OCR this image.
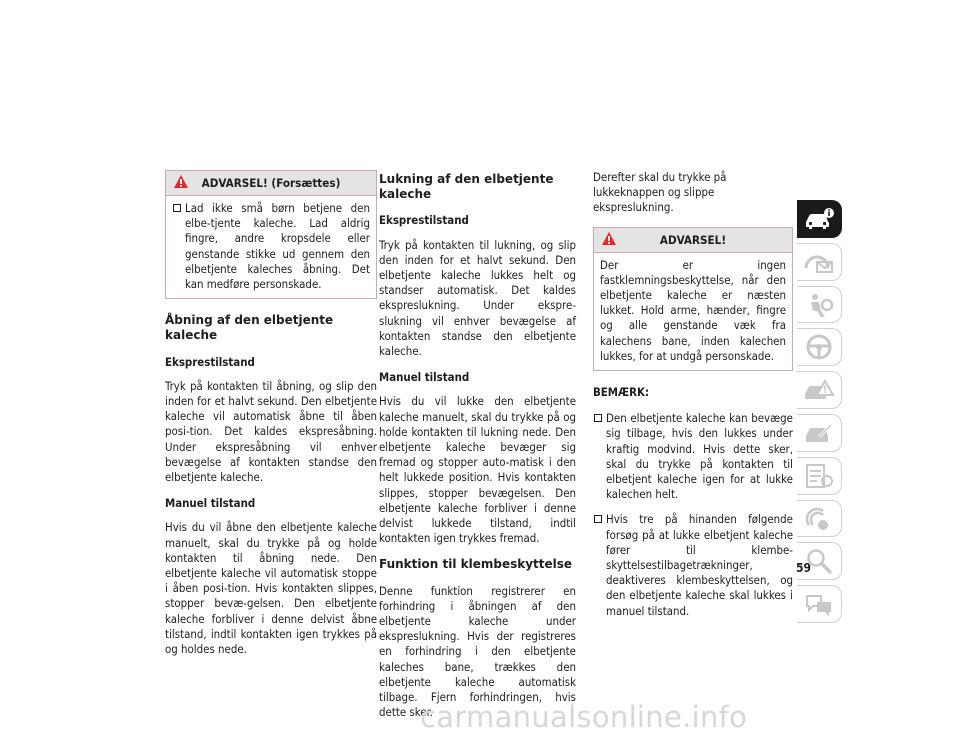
ADVARSEL! (Forsættes)
Lad ikke små børn betjene den elbe-tjente kaleche. Lad aldrig fingre, andre kropsdele eller genstande stikke ud gennem den elbetjente kaleches åbning. Det kan medføre personskade.
Åbning af den elbetjente kaleche
Eksprestilstand

Tryk på kontakten til åbning, og slip den inden for et halvt sekund. Den elbetjente kaleche vil automatisk åbne til åben posi-tion. Det kaldes ekspresåbning. Under ekspresåbning vil enhver bevægelse af kontakten standse den elbetjente kaleche.

Manuel tilstand

Hvis du vil åbne den elbetjente kaleche manuelt, skal du trykke på og holde kontakten til åbning nede. Den elbetjente kaleche vil automatisk stoppe i åben posi-tion. Hvis kontakten slippes, stopper bevæ-gelsen. Den elbetjente kaleche forbliver i denne delvist åbne tilstand, indtil kontakten igen trykkes på og holdes nede.

Lukning af den elbetjente kaleche
Eksprestilstand

Tryk på kontakten til lukning, og slip den inden for et halvt sekund. Den elbetjente kaleche lukkes helt og standser automatisk. Det kaldes ekspreslukning. Under ekspre-slukning vil enhver bevægelse af kontakten standse den elbetjente kaleche.

Manuel tilstand

Hvis du vil lukke den elbetjente kaleche manuelt, skal du trykke på og holde kontakten til lukning nede. Den elbetjente kaleche bevæger sig fremad og stopper auto-matisk i den helt lukkede position. Hvis kontakten slippes, stopper bevægelsen. Den elbetjente kaleche forbliver i denne delvist lukkede tilstand, indtil kontakten igen trykkes fremad.

Funktion til klembeskyttelse

Denne funktion registrerer en forhindring i åbningen af den elbetjente kaleche under ekspreslukning. Hvis der registreres en forhindring i den elbetjente kaleches bane, trækkes den elbetjente kaleche automatisk tilbage. Fjern forhindringen, hvis dette sker.

Derefter skal du trykke på lukkeknappen og slippe ekspreslukning.

ADVARSEL!

Der er ingen fastklemningsbeskyttelse, når den elbetjente kaleche er næsten lukket. Hold arme, hænder, fingre og alle genstande væk fra kalechens bane, inden kalechen lukkes, for at undgå personskade.

BEMÆRK:
Den elbetjente kaleche kan bevæge sig tilbage, hvis den lukkes under kraftig modvind. Hvis dette sker, skal du trykke på kontakten til elbetjent kaleche igen for at lukke kalechen helt.
Hvis tre på hinanden følgende forsøg på at lukke elbetjent kaleche fører til klembe-skyttelsestilbagetrækninger, deaktiveres klembeskyttelsen, og den elbetjente kaleche skal lukkes i manuel tilstand.
59
carmanualsonline.info
